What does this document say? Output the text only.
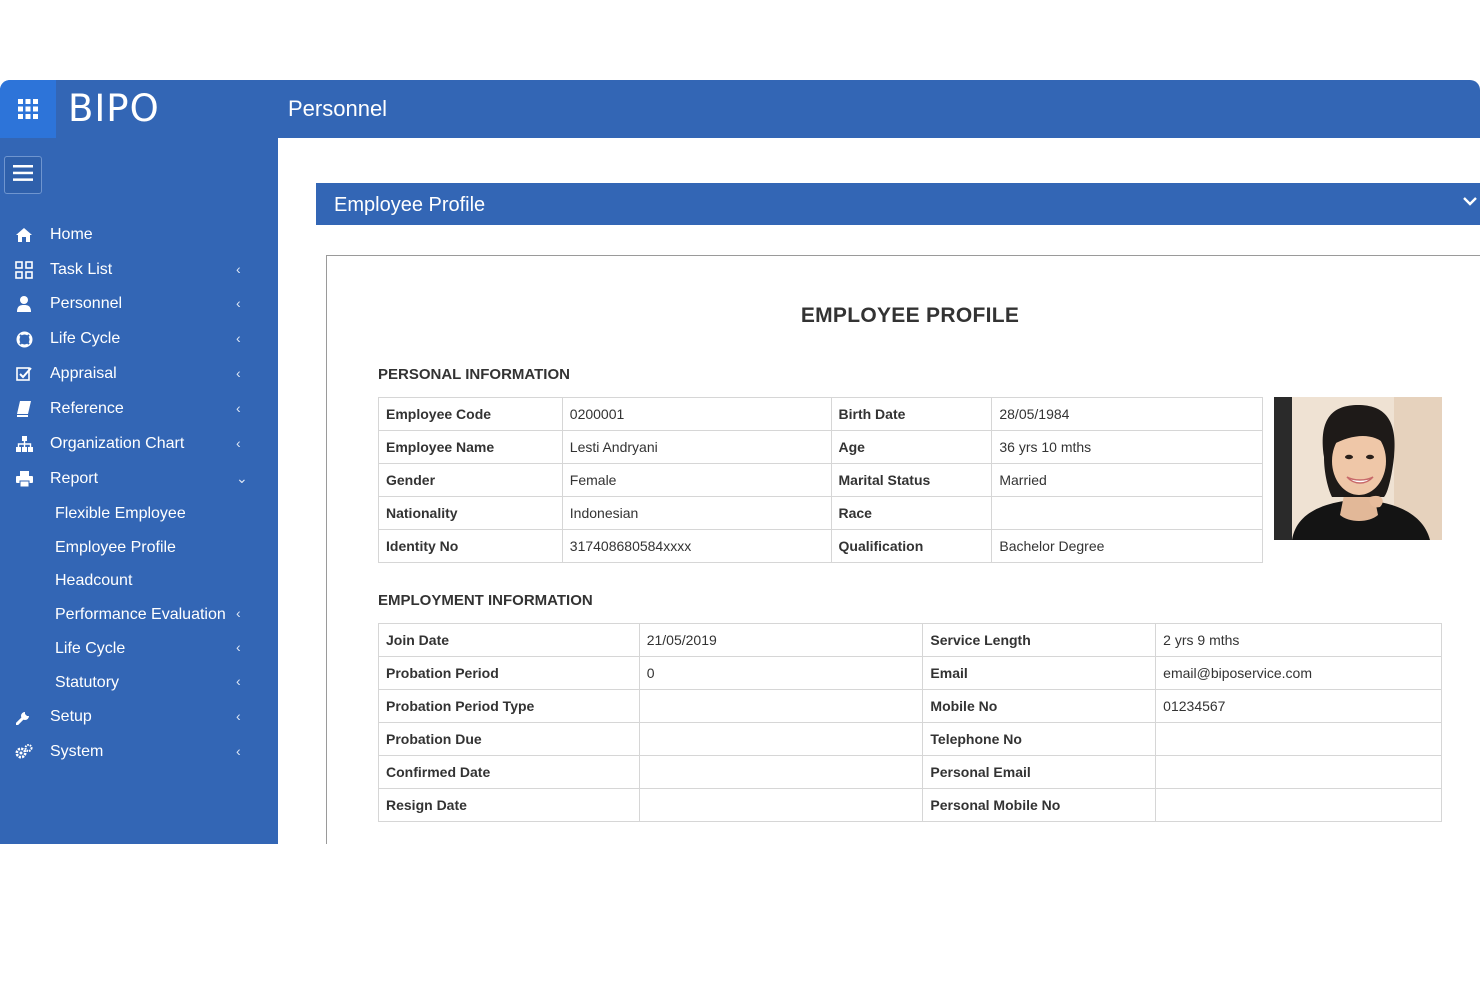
BIPO	Personnel
Home
Task List	‹
Personnel	‹
Life Cycle	‹
Appraisal	‹
Reference	‹
Organization Chart	‹
Report	⌄
Flexible Employee
Employee Profile
Headcount
Performance Evaluation ‹
Life Cycle	‹
Statutory	‹
Setup	‹
System	‹
Employee Profile
EMPLOYEE PROFILE
PERSONAL INFORMATION
Employee Code	0200001	Birth Date	28/05/1984
Employee Name	Lesti Andryani	Age	36 yrs 10 mths
Gender	Female	Marital Status	Married
Nationality	Indonesian	Race	
Identity No	317408680584xxxx	Qualification	Bachelor Degree
EMPLOYMENT INFORMATION
Join Date	21/05/2019	Service Length	2 yrs 9 mths
Probation Period	0	Email	email@biposervice.com
Probation Period Type		Mobile No	01234567
Probation Due		Telephone No	
Confirmed Date		Personal Email	
Resign Date		Personal Mobile No	
